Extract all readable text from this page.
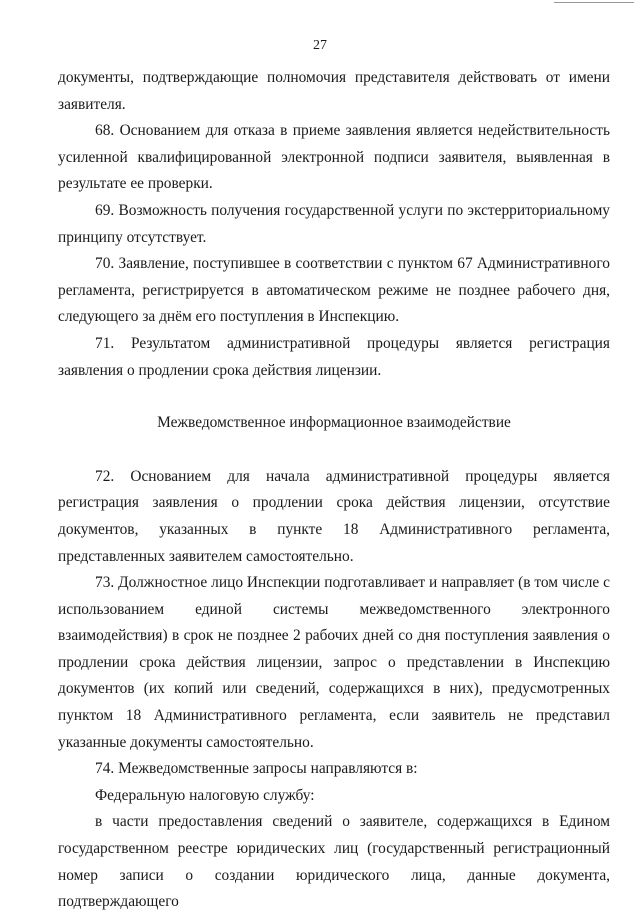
27

документы, подтверждающие полномочия представителя действовать от имени заявителя.

68. Основанием для отказа в приеме заявления является недействительность усиленной квалифицированной электронной подписи заявителя, выявленная в результате ее проверки.

69. Возможность получения государственной услуги по экстерриториальному принципу отсутствует.

70. Заявление, поступившее в соответствии с пунктом 67 Административного регламента, регистрируется в автоматическом режиме не позднее рабочего дня, следующего за днём его поступления в Инспекцию.

71. Результатом административной процедуры является регистрация заявления о продлении срока действия лицензии.

Межведомственное информационное взаимодействие

72. Основанием для начала административной процедуры является регистрация заявления о продлении срока действия лицензии, отсутствие документов, указанных в пункте 18 Административного регламента, представленных заявителем самостоятельно.

73. Должностное лицо Инспекции подготавливает и направляет (в том числе с использованием единой системы межведомственного электронного взаимодействия) в срок не позднее 2 рабочих дней со дня поступления заявления о продлении срока действия лицензии, запрос о представлении в Инспекцию документов (их копий или сведений, содержащихся в них), предусмотренных пунктом 18 Административного регламента, если заявитель не представил указанные документы самостоятельно.

74. Межведомственные запросы направляются в:

Федеральную налоговую службу:

в части предоставления сведений о заявителе, содержащихся в Едином государственном реестре юридических лиц (государственный регистрационный номер записи о создании юридического лица, данные документа, подтверждающего
